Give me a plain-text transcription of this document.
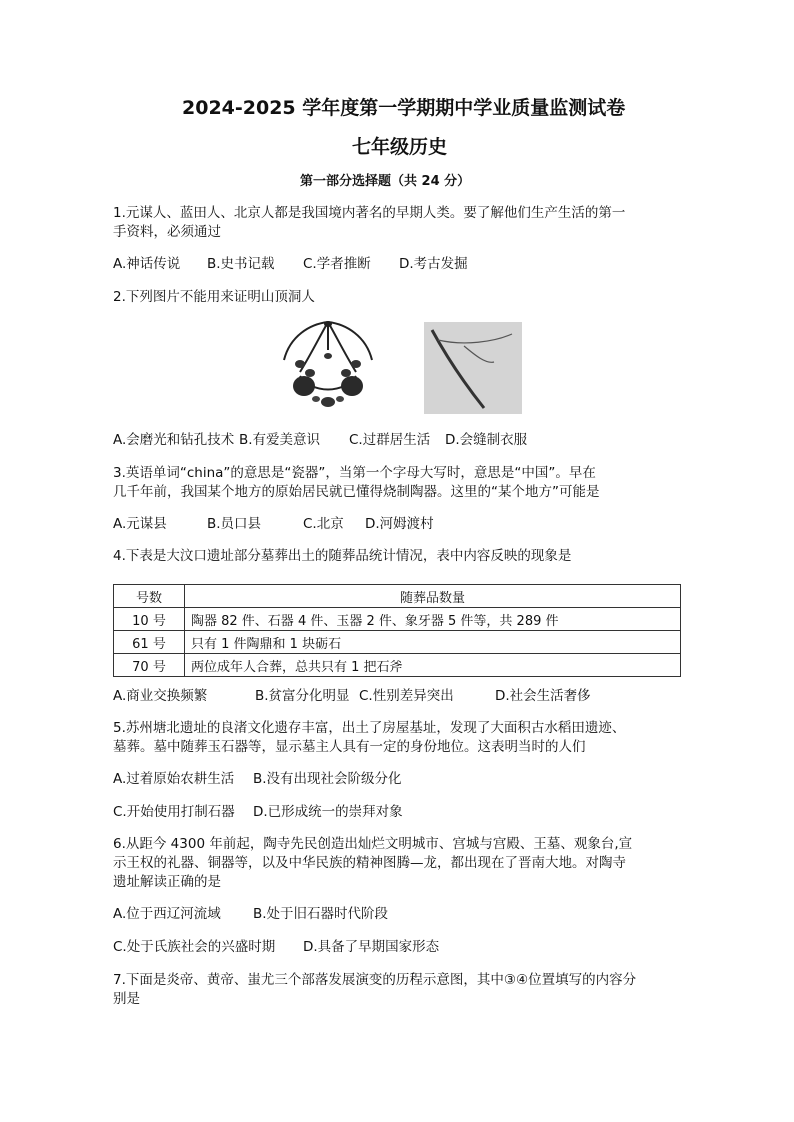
2024-2025 学年度第一学期期中学业质量监测试卷
七年级历史
第一部分选择题（共 24 分）
1.元谋人、蓝田人、北京人都是我国境内著名的早期人类。要了解他们生产生活的第一
手资料，必须通过
A.神话传说 B.史书记载 C.学者推断 D.考古发掘
2.下列图片不能用来证明山顶洞人
A.会磨光和钻孔技术 B.有爱美意识 C.过群居生活 D.会缝制衣服
3.英语单词“china”的意思是“瓷器”，当第一个字母大写时，意思是“中国”。早在
几千年前，我国某个地方的原始居民就已懂得烧制陶器。这里的“某个地方”可能是
A.元谋县	B.员口县	C.北京 D.河姆渡村
4.下表是大汶口遗址部分墓葬出土的随葬品统计情况，表中内容反映的现象是
号数	随葬品数量
10 号	陶器 82 件、石器 4 件、玉器 2 件、象牙器 5 件等，共 289 件
61 号	只有 1 件陶鼎和 1 块砺石
70 号	两位成年人合葬，总共只有 1 把石斧
A.商业交换频繁	B.贫富分化明显 C.性别差异突出	D.社会生活奢侈
5.苏州塘北遗址的良渚文化遗存丰富，出土了房屋基址，发现了大面积古水稻田遗迹、
墓葬。墓中随葬玉石器等，显示墓主人具有一定的身份地位。这表明当时的人们
A.过着原始农耕生活 B.没有出现社会阶级分化
C.开始使用打制石器 D.已形成统一的崇拜对象
6.从距今 4300 年前起，陶寺先民创造出灿烂文明城市、宫城与宫殿、王墓、观象台,宣
示王权的礼器、铜器等，以及中华民族的精神图腾—龙，都出现在了晋南大地。对陶寺
遗址解读正确的是
A.位于西辽河流域 B.处于旧石器时代阶段
C.处于氏族社会的兴盛时期 D.具备了早期国家形态
7.下面是炎帝、黄帝、蚩尤三个部落发展演变的历程示意图，其中③④位置填写的内容分
别是
